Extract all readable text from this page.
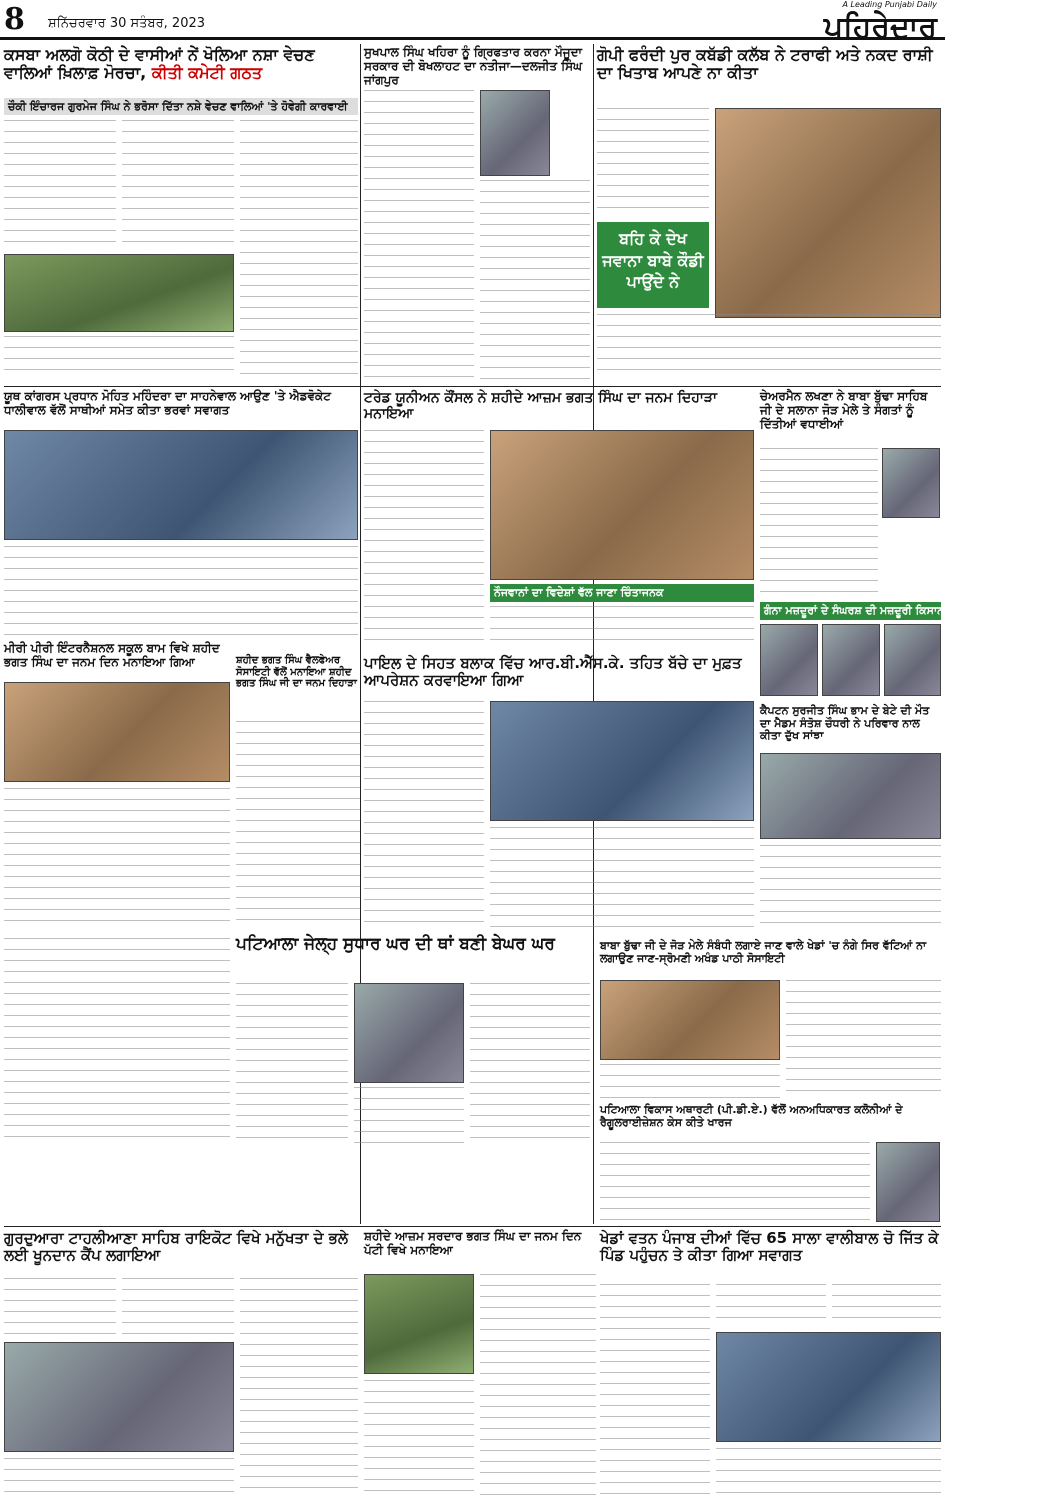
8 ਸ਼ਨਿੱਚਰਵਾਰ 30 ਸਤੰਬਰ, 2023
A Leading Punjabi Daily
ਪਹਿਰੇਦਾਰ
ਕਸਬਾ ਅਲਗੋ ਕੋਠੀ ਦੇ ਵਾਸੀਆਂ ਨੇਂ ਖੋਲਿਆ ਨਸ਼ਾ ਵੇਚਣ ਵਾਲਿਆਂ ਖ਼ਿਲਾਫ਼ ਮੋਰਚਾ, ਕੀਤੀ ਕਮੇਟੀ ਗਠਤ
ਚੌਕੀ ਇੰਚਾਰਜ ਗੁਰਮੇਜ ਸਿੰਘ ਨੇ ਭਰੋਸਾ ਦਿੱਤਾ ਨਸ਼ੇ ਵੇਚਣ ਵਾਲਿਆਂ 'ਤੇ ਹੋਵੇਗੀ ਕਾਰਵਾਈ
ਸੁਖਪਾਲ ਸਿੰਘ ਖਹਿਰਾ ਨੂੰ ਗ੍ਰਿਫਤਾਰ ਕਰਨਾ ਮੌਜੂਦਾ ਸਰਕਾਰ ਦੀ ਬੋਖਲਾਹਟ ਦਾ ਨਤੀਜਾ—ਦਲਜੀਤ ਸਿੰਘ ਜਾਂਗਪੁਰ
ਗੋਪੀ ਫਰੰਦੀ ਪੁਰ ਕਬੱਡੀ ਕਲੱਬ ਨੇ ਟਰਾਫੀ ਅਤੇ ਨਕਦ ਰਾਸ਼ੀ ਦਾ ਖਿਤਾਬ ਆਪਣੇ ਨਾ ਕੀਤਾ
ਬਹਿ ਕੇ ਦੇਖ ਜਵਾਨਾ ਬਾਬੇ ਕੌਡੀ ਪਾਉਂਦੇ ਨੇ
ਯੂਥ ਕਾਂਗਰਸ ਪ੍ਰਧਾਨ ਮੋਹਿਤ ਮਹਿੰਦਰਾ ਦਾ ਸਾਹਨੇਵਾਲ ਆਉਣ 'ਤੇ ਐਡਵੋਕੇਟ ਧਾਲੀਵਾਲ ਵੱਲੋਂ ਸਾਥੀਆਂ ਸਮੇਤ ਕੀਤਾ ਭਰਵਾਂ ਸਵਾਗਤ
ਟਰੇਡ ਯੂਨੀਅਨ ਕੌਂਸਲ ਨੇ ਸ਼ਹੀਦੇ ਆਜ਼ਮ ਭਗਤ ਸਿੰਘ ਦਾ ਜਨਮ ਦਿਹਾੜਾ ਮਨਾਇਆ
ਨੌਜਵਾਨਾਂ ਦਾ ਵਿਦੇਸ਼ਾਂ ਵੱਲ ਜਾਣਾ ਚਿੰਤਾਜਨਕ
ਚੇਅਰਮੈਨ ਲਖਣਾ ਨੇ ਬਾਬਾ ਬੁੱਢਾ ਸਾਹਿਬ ਜੀ ਦੇ ਸਲਾਨਾ ਜੋੜ ਮੇਲੇ ਤੇ ਸੰਗਤਾਂ ਨੂੰ ਦਿੱਤੀਆਂ ਵਧਾਈਆਂ
ਗੰਨਾ ਮਜ਼ਦੂਰਾਂ ਦੇ ਸੰਘਰਸ਼ ਦੀ ਮਜ਼ਦੂਰੀ ਕਿਸਾਨ ਸਭਾ ਪੰਜਾਬ ਵੱਲੋਂ ਹਮਾਇਤ
ਮੀਰੀ ਪੀਰੀ ਇੰਟਰਨੈਸ਼ਨਲ ਸਕੂਲ ਬਾਮ ਵਿਖੇ ਸ਼ਹੀਦ ਭਗਤ ਸਿੰਘ ਦਾ ਜਨਮ ਦਿਨ ਮਨਾਇਆ ਗਿਆ	ਸ਼ਹੀਦ ਭਗਤ ਸਿੰਘ ਵੈਲਫੇਅਰ ਸੋਸਾਇਟੀ ਵੱਲੋਂ ਮਨਾਇਆ ਸ਼ਹੀਦ ਭਗਤ ਸਿੰਘ ਜੀ ਦਾ ਜਨਮ ਦਿਹਾੜਾ
ਪਾਇਲ ਦੇ ਸਿਹਤ ਬਲਾਕ ਵਿੱਚ ਆਰ.ਬੀ.ਐੱਸ.ਕੇ. ਤਹਿਤ ਬੱਚੇ ਦਾ ਮੁਫ਼ਤ ਆਪਰੇਸ਼ਨ ਕਰਵਾਇਆ ਗਿਆ
ਕੈਪਟਨ ਸੁਰਜੀਤ ਸਿੰਘ ਭਾਮ ਦੇ ਬੇਟੇ ਦੀ ਮੌਤ ਦਾ ਮੈਡਮ ਸੰਤੋਸ਼ ਚੌਧਰੀ ਨੇ ਪਰਿਵਾਰ ਨਾਲ ਕੀਤਾ ਦੁੱਖ ਸਾਂਝਾ
ਪਟਿਆਲਾ ਜੇਲ੍ਹ ਸੁਧਾਰ ਘਰ ਦੀ ਥਾਂ ਬਣੀ ਬੇਘਰ ਘਰ	ਬਾਬਾ ਬੁੱਢਾ ਜੀ ਦੇ ਜੋੜ ਮੇਲੇ ਸੰਬੰਧੀ ਲਗਾਏ ਜਾਣ ਵਾਲੇ ਖੇਡਾਂ 'ਚ ਨੰਗੇ ਸਿਰ ਵੱਟਿਆਂ ਨਾ ਲਗਾਉਣ ਜਾਣ-ਸ੍ਰੋਮਣੀ ਅਖੰਡ ਪਾਠੀ ਸੋਸਾਇਟੀ
ਪਟਿਆਲਾ ਵਿਕਾਸ ਅਥਾਰਟੀ (ਪੀ.ਡੀ.ਏ.) ਵੱਲੋਂ ਅਨਅਧਿਕਾਰਤ ਕਲੋਨੀਆਂ ਦੇ ਰੈਗੂਲਰਾਈਜ਼ੇਸ਼ਨ ਕੇਸ ਕੀਤੇ ਖਾਰਜ
ਗੁਰਦੁਆਰਾ ਟਾਹਲੀਆਣਾ ਸਾਹਿਬ ਰਾਇਕੋਟ ਵਿਖੇ ਮਨੁੱਖਤਾ ਦੇ ਭਲੇ ਲਈ ਖੂਨਦਾਨ ਕੈਂਪ ਲਗਾਇਆ
ਸ਼ਹੀਦੇ ਆਜ਼ਮ ਸਰਦਾਰ ਭਗਤ ਸਿੰਘ ਦਾ ਜਨਮ ਦਿਨ ਪੱਟੀ ਵਿਖੇ ਮਨਾਇਆ
ਖੇਡਾਂ ਵਤਨ ਪੰਜਾਬ ਦੀਆਂ ਵਿੱਚ 65 ਸਾਲਾ ਵਾਲੀਬਾਲ ਚੋ ਜਿੱਤ ਕੇ ਪਿੰਡ ਪਹੁੰਚਨ ਤੇ ਕੀਤਾ ਗਿਆ ਸਵਾਗਤ
